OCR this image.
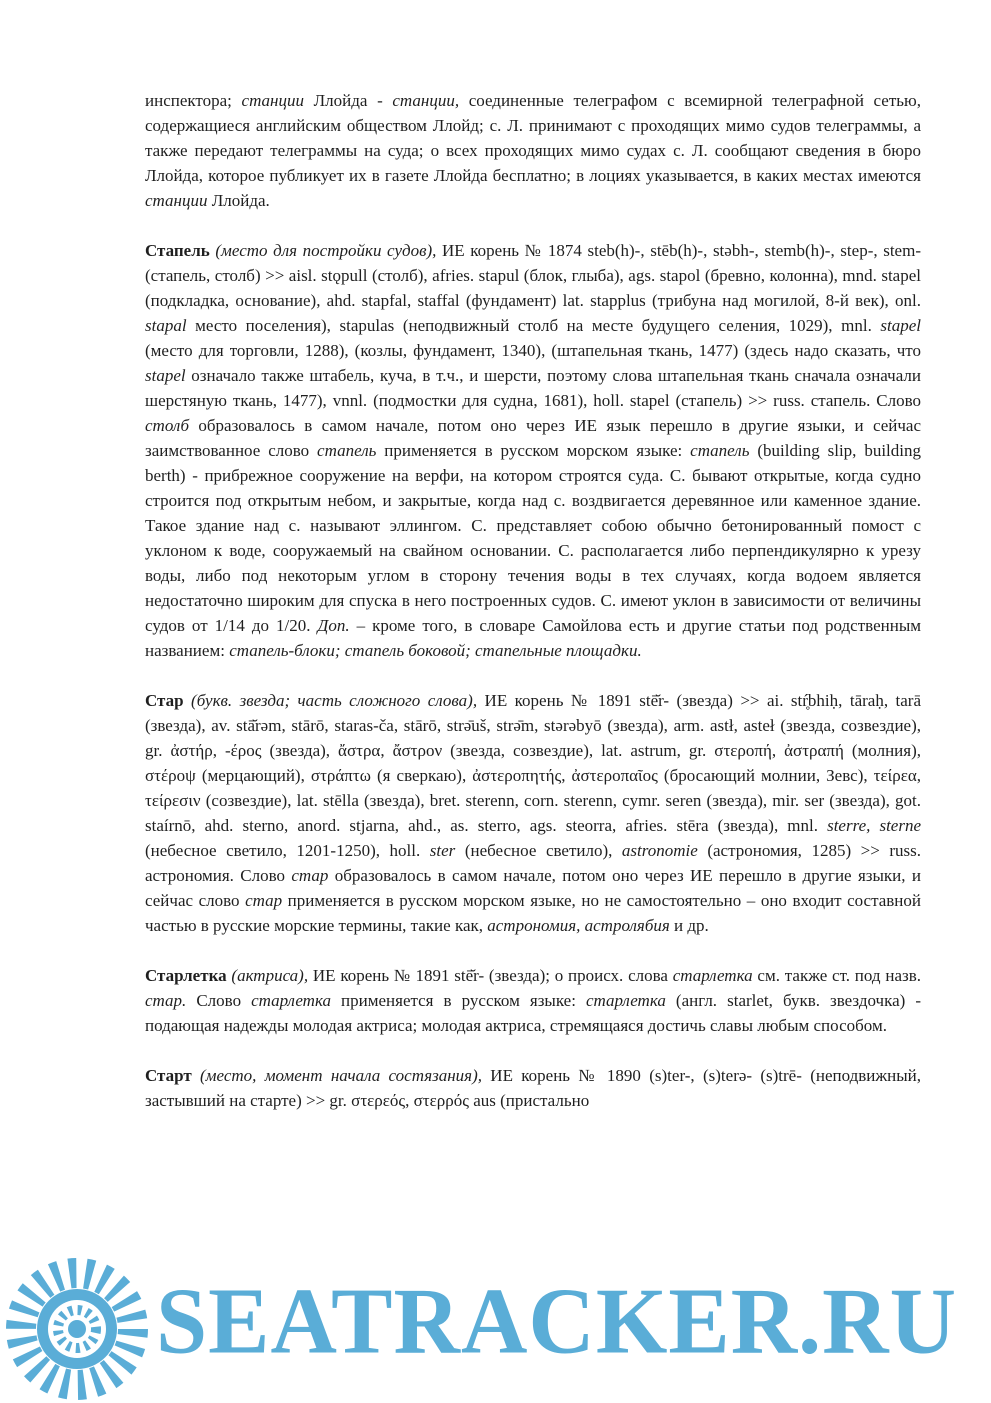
инспектора; станции Ллойда - станции, соединенные телеграфом с всемирной телеграфной сетью, содержащиеся английским обществом Ллойд; с. Л. принимают с проходящих мимо судов телеграммы, а также передают телеграммы на суда; о всех проходящих мимо судах с. Л. сообщают сведения в бюро Ллойда, которое публикует их в газете Ллойда бесплатно; в лоциях указывается, в каких местах имеются станции Ллойда.

Стапель (место для постройки судов), ИЕ корень № 1874 steb(h)-, stēb(h)-, stəbh-, stemb(h)-, step-, stem- (стапель, столб) >> aisl. stǫpull (столб), afries. stapul (блок, глыба), ags. stapol (бревно, колонна), mnd. stapel (подкладка, основание), ahd. stapfal, staffal (фундамент) lat. stapplus (трибуна над могилой, 8-й век), onl. stapal место поселения), stapulas (неподвижный столб на месте будущего селения, 1029), mnl. stapel (место для торговли, 1288), (козлы, фундамент, 1340), (штапельная ткань, 1477) (здесь надо сказать, что stapel означало также штабель, куча, в т.ч., и шерсти, поэтому слова штапельная ткань сначала означали шерстяную ткань, 1477), vnnl. (подмостки для судна, 1681), holl. stapel (стапель) >> russ. стапель. Слово столб образовалось в самом начале, потом оно через ИЕ язык перешло в другие языки, и сейчас заимствованное слово стапель применяется в русском морском языке: стапель (building slip, building berth) - прибрежное сооружение на верфи, на котором строятся суда. С. бывают открытые, когда судно строится под открытым небом, и закрытые, когда над с. воздвигается деревянное или каменное здание. Такое здание над с. называют эллингом. С. представляет собою обычно бетонированный помост с уклоном к воде, сооружаемый на свайном основании. С. располагается либо перпендикулярно к урезу воды, либо под некоторым углом в сторону течения воды в тех случаях, когда водоем является недостаточно широким для спуска в него построенных судов. С. имеют уклон в зависимости от величины судов от 1/14 до 1/20. Доп. – кроме того, в словаре Самойлова есть и другие статьи под родственным названием: стапель-блоки; стапель боковой; стапельные площадки.

Стар (букв. звезда; часть сложного слова), ИЕ корень № 1891 stē̆r- (звезда) >> ai. stŕ̥bhiḥ, tāraḥ, tarā (звезда), av. stā̆rəm, stārō, staras-ča, stārō, strə̄uš, strə̄m, stərəbyō (звезда), arm. astł, asteł (звезда, созвездие), gr. ἀστήρ, -έρος (звезда), ἄστρα, ἄστρον (звезда, созвездие), lat. astrum, gr. στεροπή, ἀστραπή (молния), στέροψ (мерцающий), στράπτω (я сверкаю), ἀστεροπητής, ἀστεροπαῖος (бросающий молнии, Зевс), τείρεα, τείρεσιν (созвездие), lat. stēlla (звезда), bret. sterenn, corn. sterenn, cymr. seren (звезда), mir. ser (звезда), got. staírnō, ahd. sterno, anord. stjarna, ahd., as. sterro, ags. steorra, afries. stēra (звезда), mnl. sterre, sterne (небесное светило, 1201-1250), holl. ster (небесное светило), astronomie (астрономия, 1285) >> russ. астрономия. Слово стар образовалось в самом начале, потом оно через ИЕ перешло в другие языки, и сейчас слово стар применяется в русском морском языке, но не самостоятельно – оно входит составной частью в русские морские термины, такие как, астрономия, астролябия и др.

Старлетка (актриса), ИЕ корень № 1891 stē̆r- (звезда); о происх. слова старлетка см. также ст. под назв. стар. Слово старлетка применяется в русском языке: старлетка (англ. starlet, букв. звездочка) - подающая надежды молодая актриса; молодая актриса, стремящаяся достичь славы любым способом.

Старт (место, момент начала состязания), ИЕ корень № 1890 (s)ter-, (s)terə- (s)trē- (неподвижный, застывший на старте) >> gr. στερεός, στερρός aus (пристально

SEATRACKER.RU
